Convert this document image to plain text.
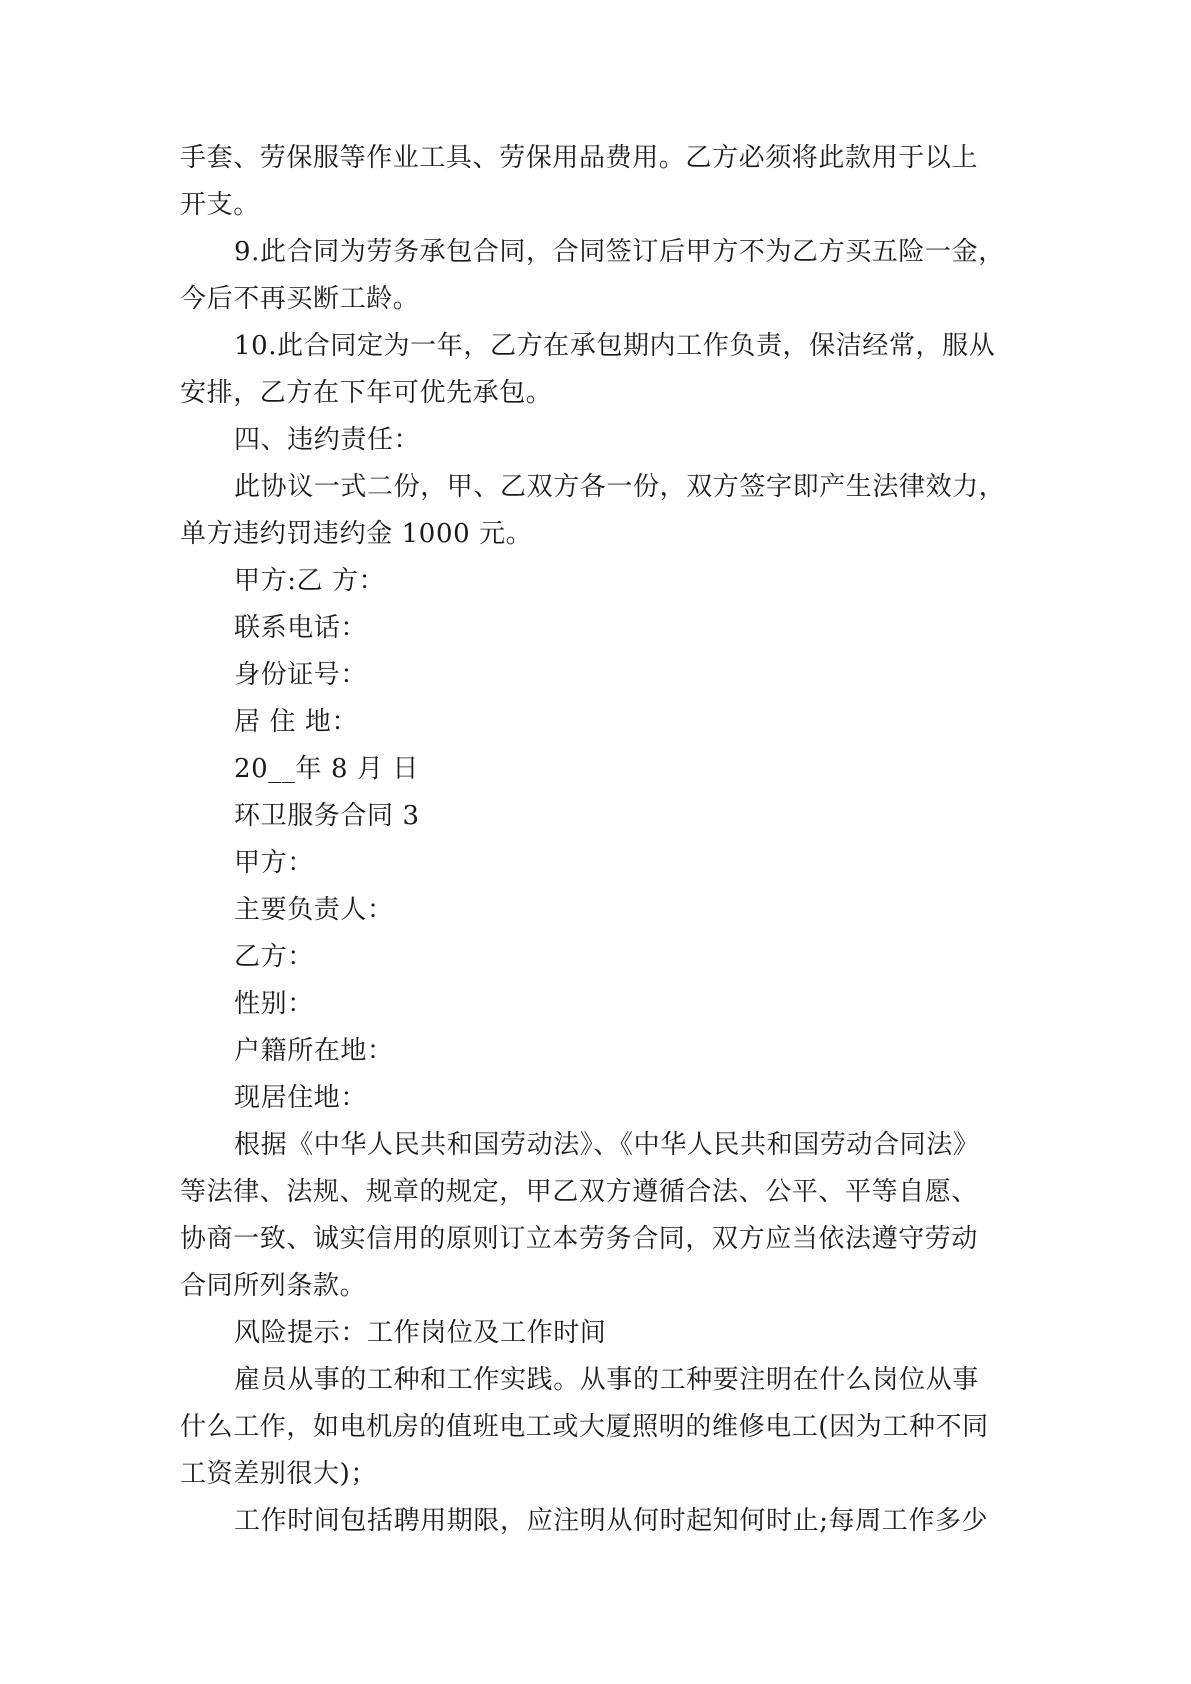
手套、劳保服等作业工具、劳保用品费用。乙方必须将此款用于以上

开支。

9.此合同为劳务承包合同，合同签订后甲方不为乙方买五险一金，

今后不再买断工龄。

10.此合同定为一年，乙方在承包期内工作负责，保洁经常，服从

安排，乙方在下年可优先承包。

四、违约责任：

此协议一式二份，甲、乙双方各一份，双方签字即产生法律效力，

单方违约罚违约金 1000 元。

甲方:乙 方：

联系电话：

身份证号：

居 住 地：

20__年 8 月 日

环卫服务合同 3

甲方：

主要负责人：

乙方：

性别：

户籍所在地：

现居住地：

根据《中华人民共和国劳动法》、《中华人民共和国劳动合同法》

等法律、法规、规章的规定，甲乙双方遵循合法、公平、平等自愿、

协商一致、诚实信用的原则订立本劳务合同，双方应当依法遵守劳动

合同所列条款。

风险提示：工作岗位及工作时间

雇员从事的工种和工作实践。从事的工种要注明在什么岗位从事

什么工作，如电机房的值班电工或大厦照明的维修电工(因为工种不同

工资差别很大)；

工作时间包括聘用期限，应注明从何时起知何时止;每周工作多少
